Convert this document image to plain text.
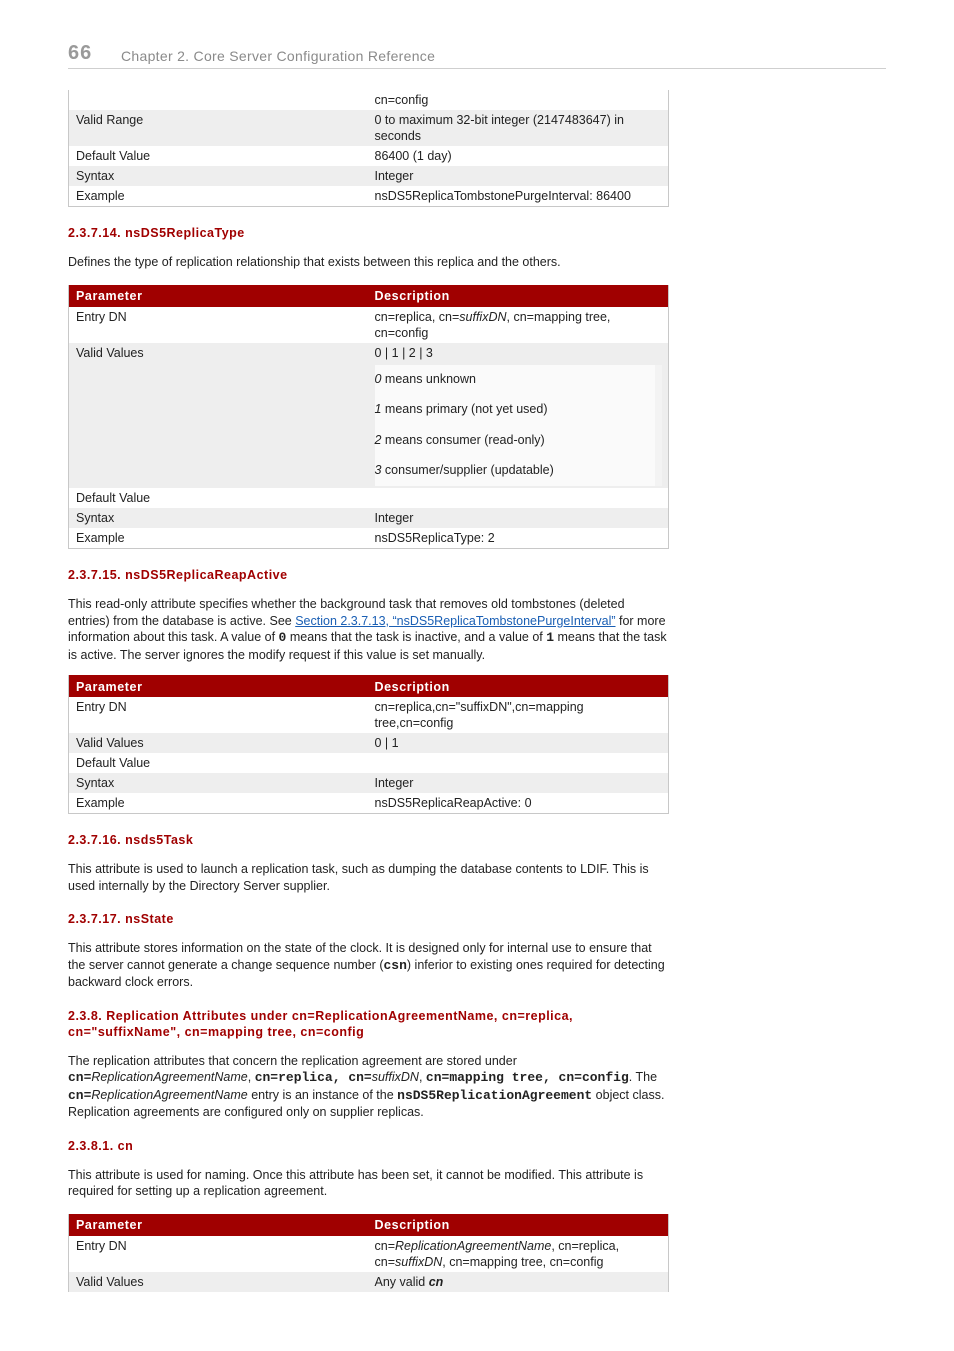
66 Chapter 2. Core Server Configuration Reference
	cn=config
Valid Range	0 to maximum 32-bit integer (2147483647) in seconds
Default Value	86400 (1 day)
Syntax	Integer
Example	nsDS5ReplicaTombstonePurgeInterval: 86400
2.3.7.14. nsDS5ReplicaType

Defines the type of replication relationship that exists between this replica and the others.

Parameter	Description
Entry DN	cn=replica, cn=suffixDN, cn=mapping tree, cn=config
Valid Values	0 | 1 | 2 | 3
0 means unknown
1 means primary (not yet used)
2 means consumer (read-only)
3 consumer/supplier (updatable)

Default Value	
Syntax	Integer
Example	nsDS5ReplicaType: 2
2.3.7.15. nsDS5ReplicaReapActive

This read-only attribute specifies whether the background task that removes old tombstones (deleted entries) from the database is active. See Section 2.3.7.13, “nsDS5ReplicaTombstonePurgeInterval” for more information about this task. A value of 0 means that the task is inactive, and a value of 1 means that the task is active. The server ignores the modify request if this value is set manually.

Parameter	Description
Entry DN	cn=replica,cn="suffixDN",cn=mapping tree,cn=config
Valid Values	0 | 1
Default Value	
Syntax	Integer
Example	nsDS5ReplicaReapActive: 0
2.3.7.16. nsds5Task

This attribute is used to launch a replication task, such as dumping the database contents to LDIF. This is used internally by the Directory Server supplier.

2.3.7.17. nsState

This attribute stores information on the state of the clock. It is designed only for internal use to ensure that the server cannot generate a change sequence number (csn) inferior to existing ones required for detecting backward clock errors.

2.3.8. Replication Attributes under cn=ReplicationAgreementName, cn=replica, cn="suffixName", cn=mapping tree, cn=config

The replication attributes that concern the replication agreement are stored under cn=ReplicationAgreementName, cn=replica, cn=suffixDN, cn=mapping tree, cn=config. The cn=ReplicationAgreementName entry is an instance of the nsDS5ReplicationAgreement object class. Replication agreements are configured only on supplier replicas.

2.3.8.1. cn

This attribute is used for naming. Once this attribute has been set, it cannot be modified. This attribute is required for setting up a replication agreement.

Parameter	Description
Entry DN	cn=ReplicationAgreementName, cn=replica, cn=suffixDN, cn=mapping tree, cn=config
Valid Values	Any valid cn
